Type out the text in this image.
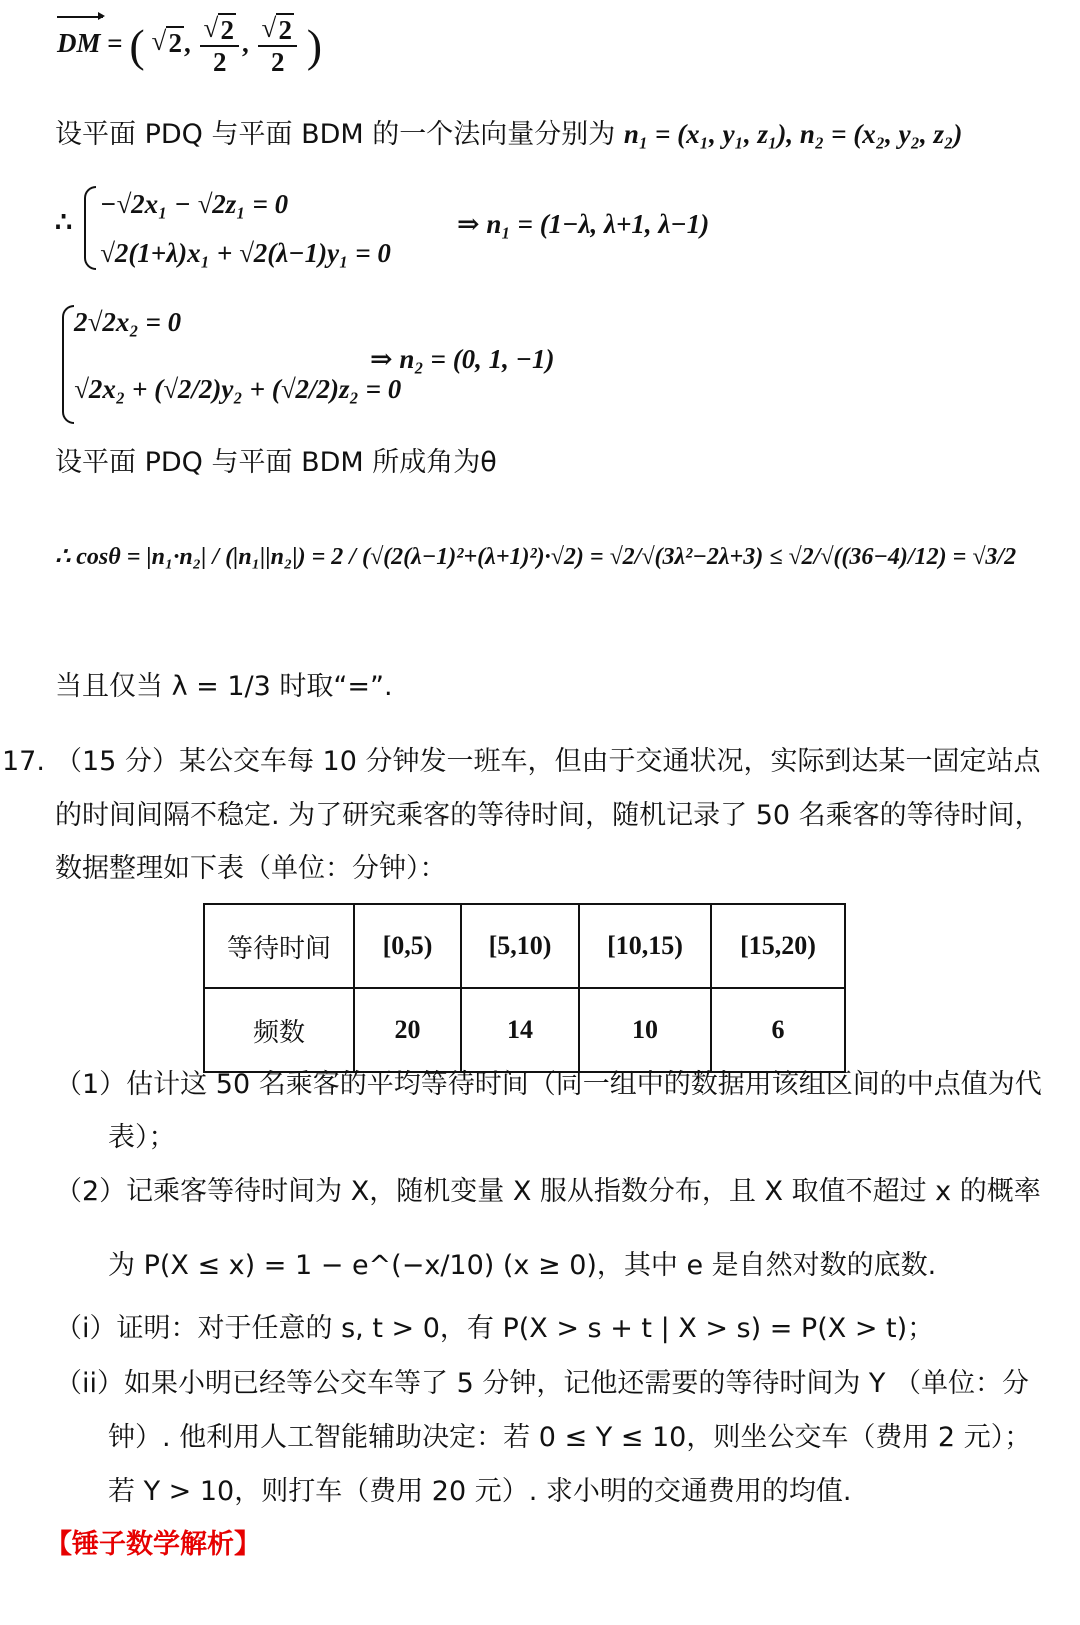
DM = ( √ 2, √ $\frac{2}{2}$ , √ $\frac{2}{2}$ )
设平面 PDQ 与平面 BDM 的一个法向量分别为 n₁ = (x₁, y₁, z₁), n₂ = (x₂, y₂, z₂)
∴
−√2x₁ − √2z₁ = 0
√2(1+λ)x₁ + √2(λ−1)y₁ = 0
⇒ n₁ = (1−λ, λ+1, λ−1)
2√2x₂ = 0
√2x₂ + (√2/2)y₂ + (√2/2)z₂ = 0
⇒ n₂ = (0, 1, −1)
设平面 PDQ 与平面 BDM 所成角为θ
∴ cosθ = |n₁·n₂| / (|n₁||n₂|) = 2 / (√(2(λ−1)²+(λ+1)²)·√2) = √2/√(3λ²−2λ+3) ≤ √2/√((36−4)/12) = √3/2
当且仅当 λ = 1/3 时取“=”.
17. （15 分）某公交车每 10 分钟发一班车，但由于交通状况，实际到达某一固定站点
的时间间隔不稳定. 为了研究乘客的等待时间，随机记录了 50 名乘客的等待时间，
数据整理如下表（单位：分钟）：
等待时间	[0,5)	[5,10)	[10,15)	[15,20)
频数	20	14	10	6
（1）估计这 50 名乘客的平均等待时间（同一组中的数据用该组区间的中点值为代
表）；
（2）记乘客等待时间为 X，随机变量 X 服从指数分布，且 X 取值不超过 x 的概率
为 P(X ≤ x) = 1 − e^(−x/10) (x ≥ 0)，其中 e 是自然对数的底数.
（i）证明：对于任意的 s, t > 0，有 P(X > s + t | X > s) = P(X > t)；
（ii）如果小明已经等公交车等了 5 分钟，记他还需要的等待时间为 Y （单位：分
钟）. 他利用人工智能辅助决定：若 0 ≤ Y ≤ 10，则坐公交车（费用 2 元）；
若 Y > 10，则打车（费用 20 元）. 求小明的交通费用的均值.
【锤子数学解析】
